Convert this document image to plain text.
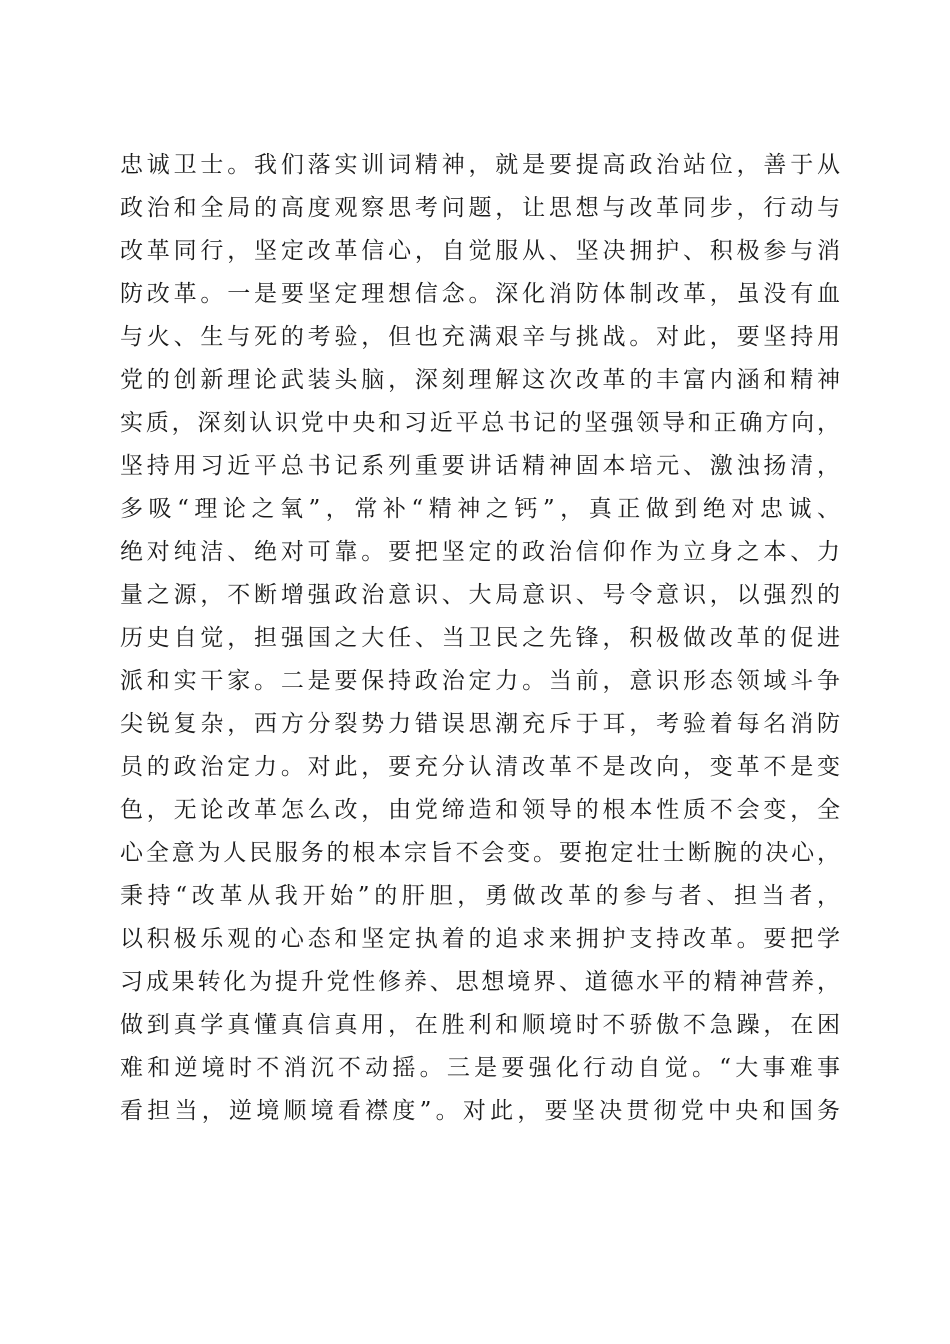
忠诚卫士。我们落实训词精神，就是要提高政治站位，善于从
政治和全局的高度观察思考问题，让思想与改革同步，行动与
改革同行，坚定改革信心，自觉服从、坚决拥护、积极参与消
防改革。一是要坚定理想信念。深化消防体制改革，虽没有血
与火、生与死的考验，但也充满艰辛与挑战。对此，要坚持用
党的创新理论武装头脑，深刻理解这次改革的丰富内涵和精神
实质，深刻认识党中央和习近平总书记的坚强领导和正确方向，
坚持用习近平总书记系列重要讲话精神固本培元、激浊扬清，
多吸“理论之氧”，常补“精神之钙”，真正做到绝对忠诚、
绝对纯洁、绝对可靠。要把坚定的政治信仰作为立身之本、力
量之源，不断增强政治意识、大局意识、号令意识，以强烈的
历史自觉，担强国之大任、当卫民之先锋，积极做改革的促进
派和实干家。二是要保持政治定力。当前，意识形态领域斗争
尖锐复杂，西方分裂势力错误思潮充斥于耳，考验着每名消防
员的政治定力。对此，要充分认清改革不是改向，变革不是变
色，无论改革怎么改，由党缔造和领导的根本性质不会变，全
心全意为人民服务的根本宗旨不会变。要抱定壮士断腕的决心，
秉持“改革从我开始”的肝胆，勇做改革的参与者、担当者，
以积极乐观的心态和坚定执着的追求来拥护支持改革。要把学
习成果转化为提升党性修养、思想境界、道德水平的精神营养，
做到真学真懂真信真用，在胜利和顺境时不骄傲不急躁，在困
难和逆境时不消沉不动摇。三是要强化行动自觉。“大事难事
看担当，逆境顺境看襟度”。对此，要坚决贯彻党中央和国务
